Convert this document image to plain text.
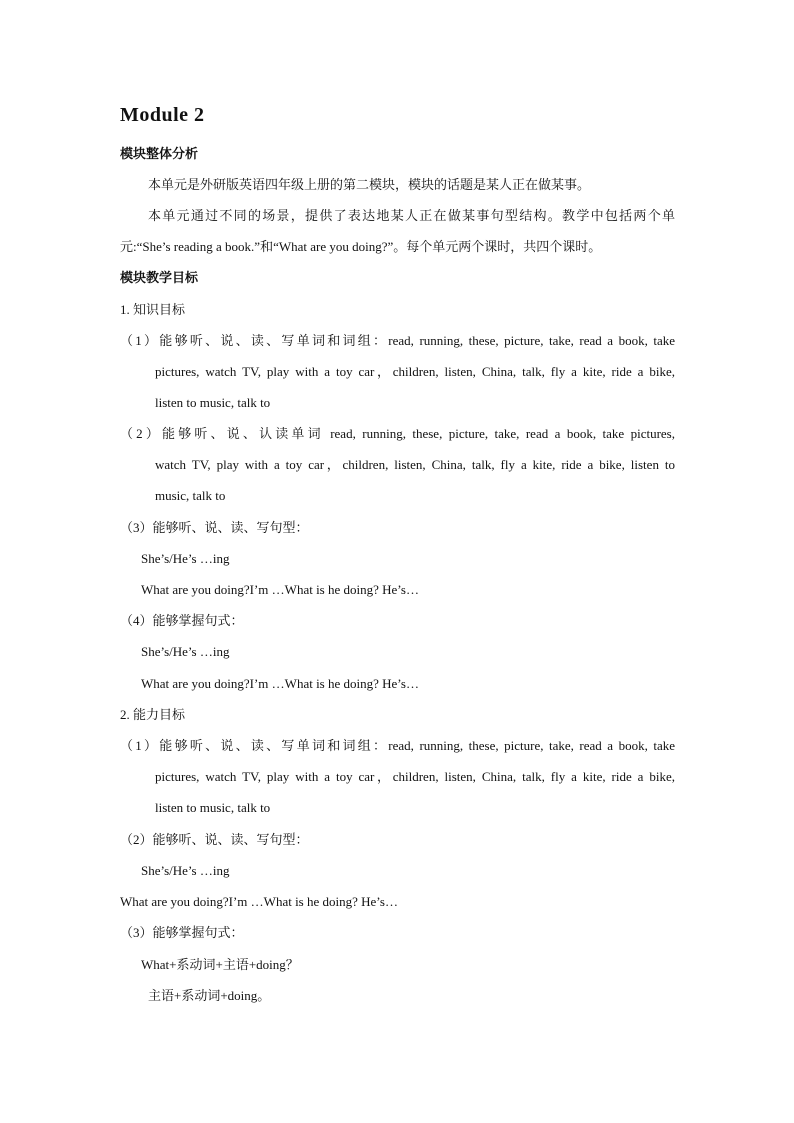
Module 2
模块整体分析
本单元是外研版英语四年级上册的第二模块，模块的话题是某人正在做某事。
本单元通过不同的场景，提供了表达地某人正在做某事句型结构。教学中包括两个单
元:“She’s reading a book.”和“What are you doing?”。每个单元两个课时，共四个课时。
模块教学目标
1. 知识目标
（1）能够听、说、读、写单词和词组：read, running, these, picture, take, read a book, take
pictures, watch TV, play with a toy car，children, listen, China, talk, fly a kite, ride a bike,
listen to music, talk to
（2）能够听、说、认读单词 read, running, these, picture, take, read a book, take pictures,
watch TV, play with a toy car，children, listen, China, talk, fly a kite, ride a bike, listen to
music, talk to
（3）能够听、说、读、写句型：
She’s/He’s …ing
What are you doing?I’m …What is he doing? He’s…
（4）能够掌握句式：
She’s/He’s …ing
What are you doing?I’m …What is he doing? He’s…
2. 能力目标
（1）能够听、说、读、写单词和词组：read, running, these, picture, take, read a book, take
pictures, watch TV, play with a toy car，children, listen, China, talk, fly a kite, ride a bike,
listen to music, talk to
（2）能够听、说、读、写句型：
She’s/He’s …ing
What are you doing?I’m …What is he doing? He’s…
（3）能够掌握句式：
What+系动词+主语+doing？
主语+系动词+doing。
